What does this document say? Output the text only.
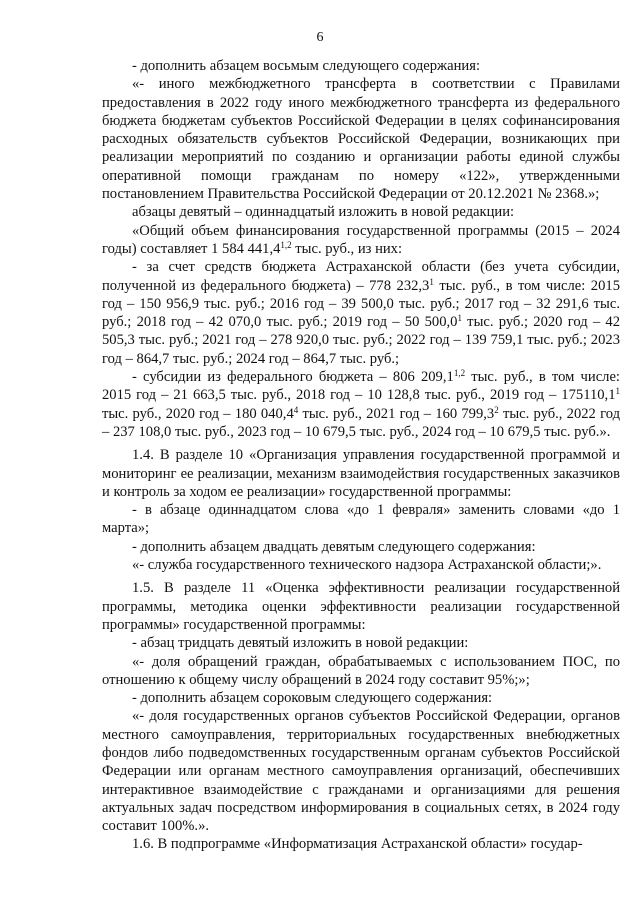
6

- дополнить абзацем восьмым следующего содержания:

«- иного межбюджетного трансферта в соответствии с Правилами предоставления в 2022 году иного межбюджетного трансферта из федерального бюджета бюджетам субъектов Российской Федерации в целях софинансирования расходных обязательств субъектов Российской Федерации, возникающих при реализации мероприятий по созданию и организации работы единой службы оперативной помощи гражданам по номеру «122», утвержденными постановлением Правительства Российской Федерации от 20.12.2021 № 2368.»;

абзацы девятый – одиннадцатый изложить в новой редакции:

«Общий объем финансирования государственной программы (2015 – 2024 годы) составляет 1 584 441,4$^{1,2}$ тыс. руб., из них:

- за счет средств бюджета Астраханской области (без учета субсидии, полученной из федерального бюджета) – 778 232,3$^1$ тыс. руб., в том числе: 2015 год – 150 956,9 тыс. руб.; 2016 год – 39 500,0 тыс. руб.; 2017 год – 32 291,6 тыс. руб.; 2018 год – 42 070,0 тыс. руб.; 2019 год – 50 500,0$^1$ тыс. руб.; 2020 год – 42 505,3 тыс. руб.; 2021 год – 278 920,0 тыс. руб.; 2022 год – 139 759,1 тыс. руб.; 2023 год – 864,7 тыс. руб.; 2024 год – 864,7 тыс. руб.;

- субсидии из федерального бюджета – 806 209,1$^{1,2}$ тыс. руб., в том числе: 2015 год – 21 663,5 тыс. руб., 2018 год – 10 128,8 тыс. руб., 2019 год – 175110,1$^1$ тыс. руб., 2020 год – 180 040,4$^4$ тыс. руб., 2021 год – 160 799,3$^2$ тыс. руб., 2022 год – 237 108,0 тыс. руб., 2023 год – 10 679,5 тыс. руб., 2024 год – 10 679,5 тыс. руб.».

1.4. В разделе 10 «Организация управления государственной программой и мониторинг ее реализации, механизм взаимодействия государственных заказчиков и контроль за ходом ее реализации» государственной программы:

- в абзаце одиннадцатом слова «до 1 февраля» заменить словами «до 1 марта»;

- дополнить абзацем двадцать девятым следующего содержания:

«- служба государственного технического надзора Астраханской области;».

1.5. В разделе 11 «Оценка эффективности реализации государственной программы, методика оценки эффективности реализации государственной программы» государственной программы:

- абзац тридцать девятый изложить в новой редакции:

«- доля обращений граждан, обрабатываемых с использованием ПОС, по отношению к общему числу обращений в 2024 году составит 95%;»;

- дополнить абзацем сороковым следующего содержания:

«- доля государственных органов субъектов Российской Федерации, органов местного самоуправления, территориальных государственных внебюджетных фондов либо подведомственных государственным органам субъектов Российской Федерации или органам местного самоуправления организаций, обеспечивших интерактивное взаимодействие с гражданами и организациями для решения актуальных задач посредством информирования в социальных сетях, в 2024 году составит 100%.».

1.6. В подпрограмме «Информатизация Астраханской области» государ-
